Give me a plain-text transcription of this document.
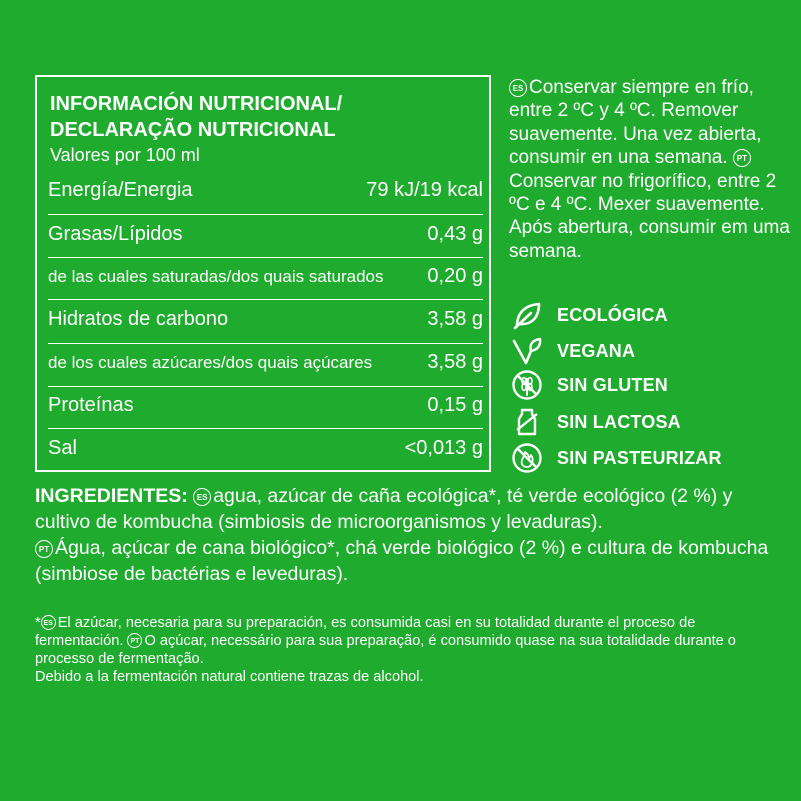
INFORMACIÓN NUTRICIONAL/
DECLARAÇÃO NUTRICIONAL
Valores por 100 ml
Energía/Energia	79 kJ/19 kcal
Grasas/Lípidos	0,43 g
de las cuales saturadas/dos quais saturados 0,20 g
Hidratos de carbono	3,58 g
de los cuales azúcares/dos quais açúcares	3,58 g
Proteínas	0,15 g
Sal	<0,013 g
ES Conservar siempre en frío, entre 2 ºC y 4 ºC. Remover suavemente. Una vez abierta, consumir en una semana. PTConservar no frigorífico, entre 2 ºC e 4 ºC. Mexer suavemente. Após abertura, consumir em uma semana.
ECOLÓGICA
VEGANA
SIN GLUTEN
SIN LACTOSA
SIN PASTEURIZAR
INGREDIENTES: ES agua, azúcar de caña ecológica*, té verde ecológico (2 %) y cultivo de kombucha (simbiosis de microorganismos y levaduras).
PT Água, açúcar de cana biológico*, chá verde biológico (2 %) e cultura de kombucha (simbiose de bactérias e leveduras).
* ES El azúcar, necesaria para su preparación, es consumida casi en su totalidad durante el proceso de fermentación. PT O açúcar, necessário para sua preparação, é consumido quase na sua totalidade durante o processo de fermentação.
Debido a la fermentación natural contiene trazas de alcohol.
